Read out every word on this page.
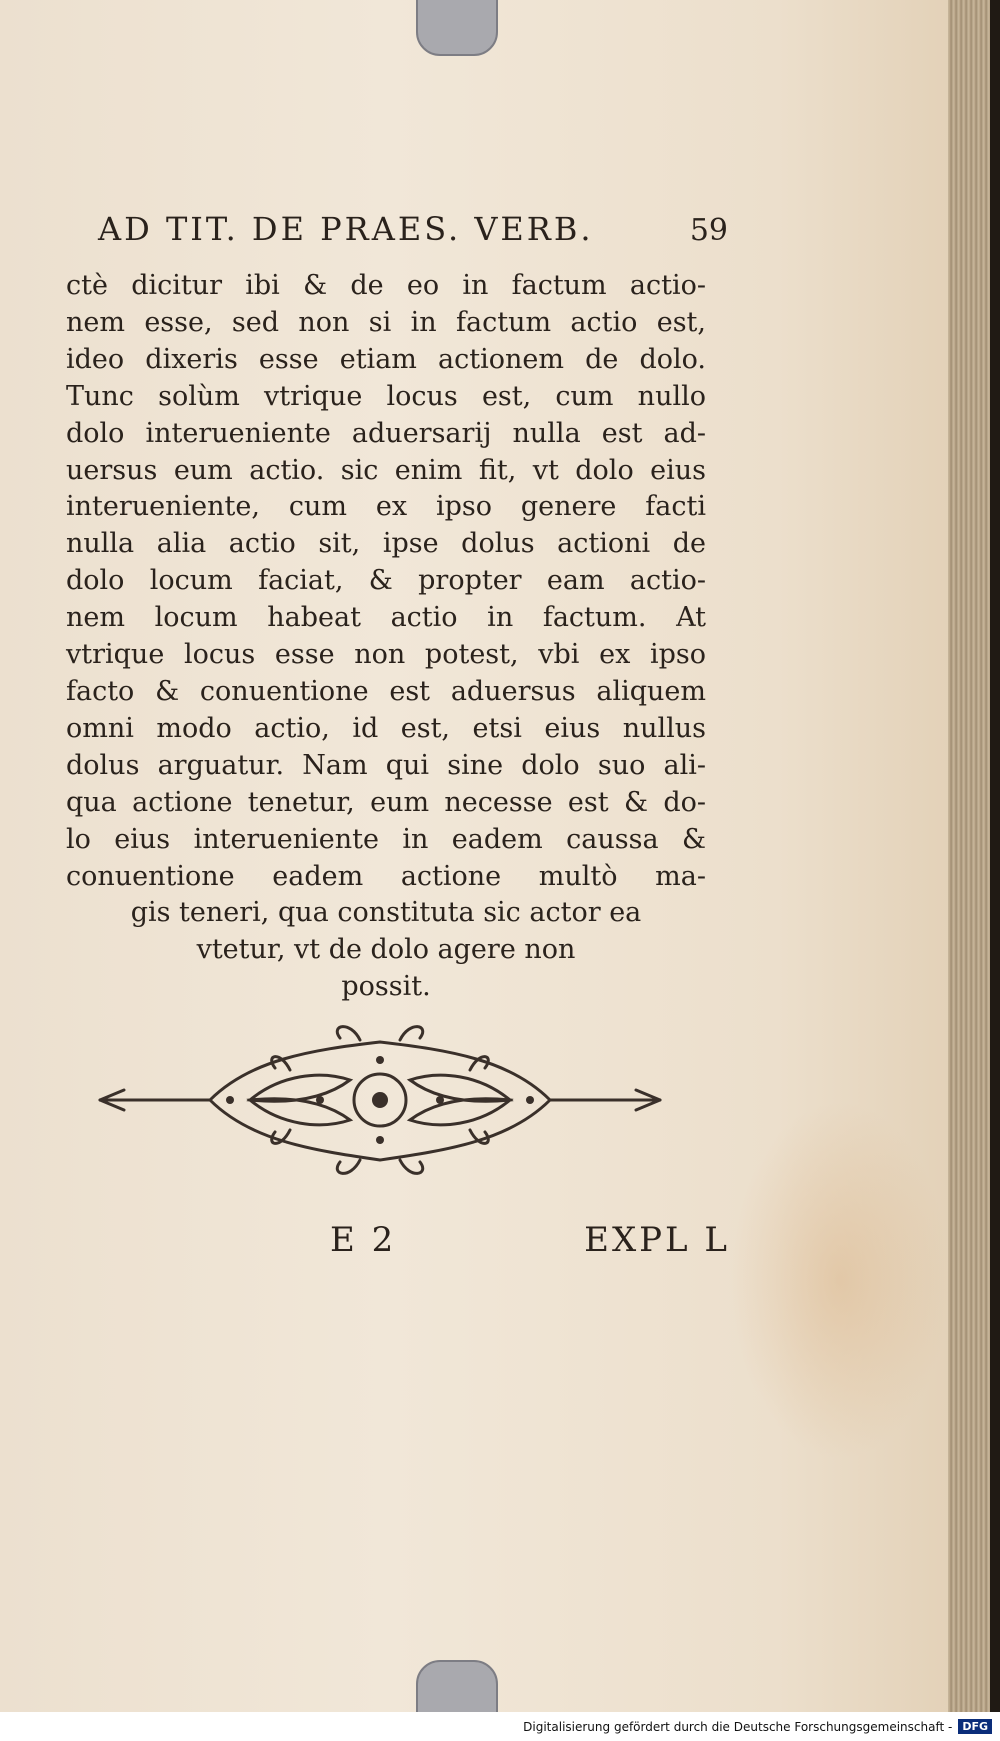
AD TIT. DE PRAES. VERB.	59
ctè dicitur ibi & de eo in factum actio-
nem esse, sed non si in factum actio est,
ideo dixeris esse etiam actionem de dolo.
Tunc solùm vtrique locus est, cum nullo
dolo interueniente aduersarij nulla est ad-
uersus eum actio. sic enim fit, vt dolo eius
interueniente, cum ex ipso genere facti
nulla alia actio sit, ipse dolus actioni de
dolo locum faciat, & propter eam actio-
nem locum habeat actio in factum. At
vtrique locus esse non potest, vbi ex ipso
facto & conuentione est aduersus aliquem
omni modo actio, id est, etsi eius nullus
dolus arguatur. Nam qui sine dolo suo ali-
qua actione tenetur, eum necesse est & do-
lo eius interueniente in eadem caussa &
conuentione eadem actione multò ma-
gis teneri, qua constituta sic actor ea
vtetur, vt de dolo agere non
possit.
E 2	EXPL L
Digitalisierung gefördert durch die Deutsche Forschungsgemeinschaft - DFG
